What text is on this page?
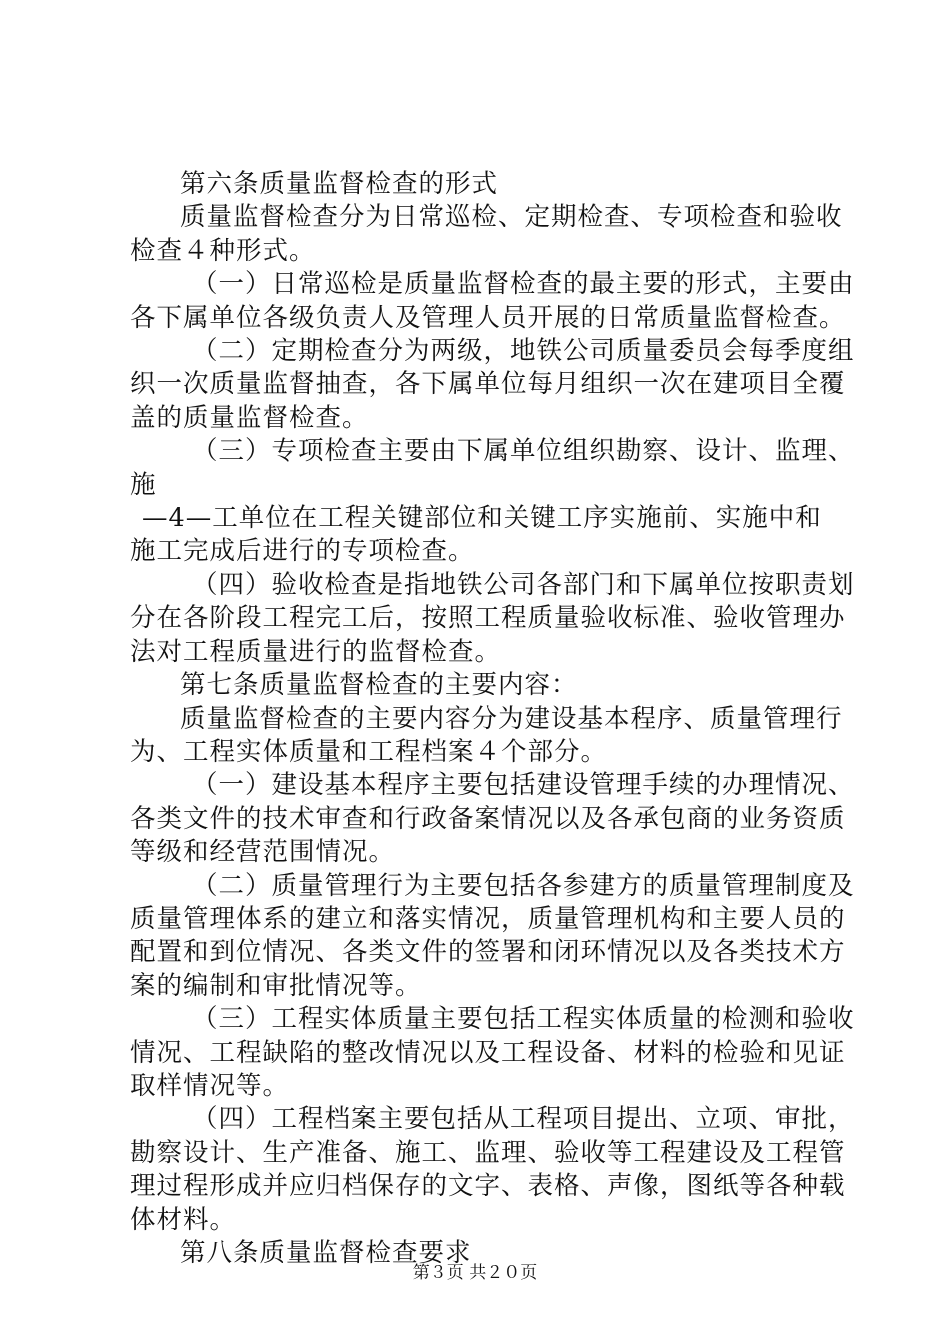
第六条质量监督检查的形式
质量监督检查分为日常巡检、定期检查、专项检查和验收
检查４种形式。
（一）日常巡检是质量监督检查的最主要的形式，主要由
各下属单位各级负责人及管理人员开展的日常质量监督检查。
（二）定期检查分为两级，地铁公司质量委员会每季度组
织一次质量监督抽查，各下属单位每月组织一次在建项目全覆
盖的质量监督检查。
（三）专项检查主要由下属单位组织勘察、设计、监理、
施
—4—工单位在工程关键部位和关键工序实施前、实施中和
施工完成后进行的专项检查。
（四）验收检查是指地铁公司各部门和下属单位按职责划
分在各阶段工程完工后，按照工程质量验收标准、验收管理办
法对工程质量进行的监督检查。
第七条质量监督检查的主要内容：
质量监督检查的主要内容分为建设基本程序、质量管理行
为、工程实体质量和工程档案４个部分。
（一）建设基本程序主要包括建设管理手续的办理情况、
各类文件的技术审查和行政备案情况以及各承包商的业务资质
等级和经营范围情况。
（二）质量管理行为主要包括各参建方的质量管理制度及
质量管理体系的建立和落实情况，质量管理机构和主要人员的
配置和到位情况、各类文件的签署和闭环情况以及各类技术方
案的编制和审批情况等。
（三）工程实体质量主要包括工程实体质量的检测和验收
情况、工程缺陷的整改情况以及工程设备、材料的检验和见证
取样情况等。
（四）工程档案主要包括从工程项目提出、立项、审批，
勘察设计、生产准备、施工、监理、验收等工程建设及工程管
理过程形成并应归档保存的文字、表格、声像，图纸等各种载
体材料。
第八条质量监督检查要求
第３页 共２０页
